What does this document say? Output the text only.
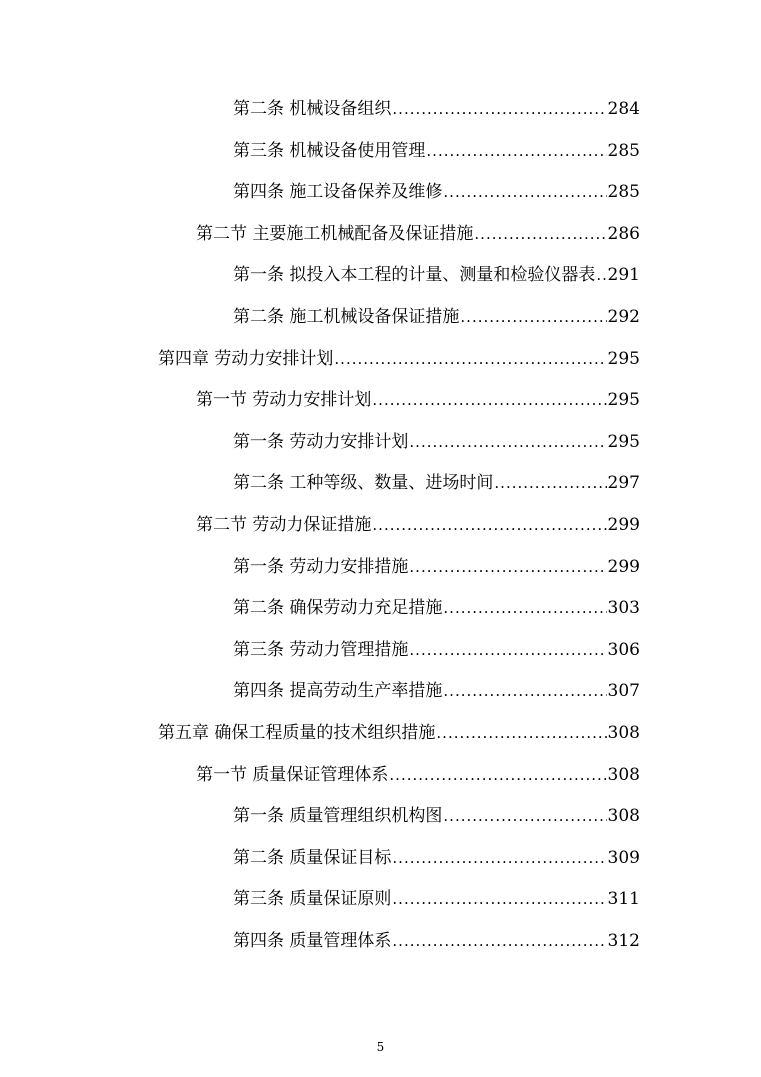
第二条 机械设备组织 .....	284
第三条 机械设备使用管理 .....	285
第四条 施工设备保养及维修 .....	285
第二节 主要施工机械配备及保证措施 .....	286
第一条 拟投入本工程的计量、测量和检验仪器表 ..... 291
第二条 施工机械设备保证措施 .....	292
第四章 劳动力安排计划 .....	295
第一节 劳动力安排计划 .....	295
第一条 劳动力安排计划 .....	295
第二条 工种等级、数量、进场时间 .....	297
第二节 劳动力保证措施 .....	299
第一条 劳动力安排措施 .....	299
第二条 确保劳动力充足措施 .....	303
第三条 劳动力管理措施 .....	306
第四条 提高劳动生产率措施 .....	307
第五章 确保工程质量的技术组织措施 .....	308
第一节 质量保证管理体系 .....	308
第一条 质量管理组织机构图 .....	308
第二条 质量保证目标 .....	309
第三条 质量保证原则 .....	311
第四条 质量管理体系 .....	312
5
